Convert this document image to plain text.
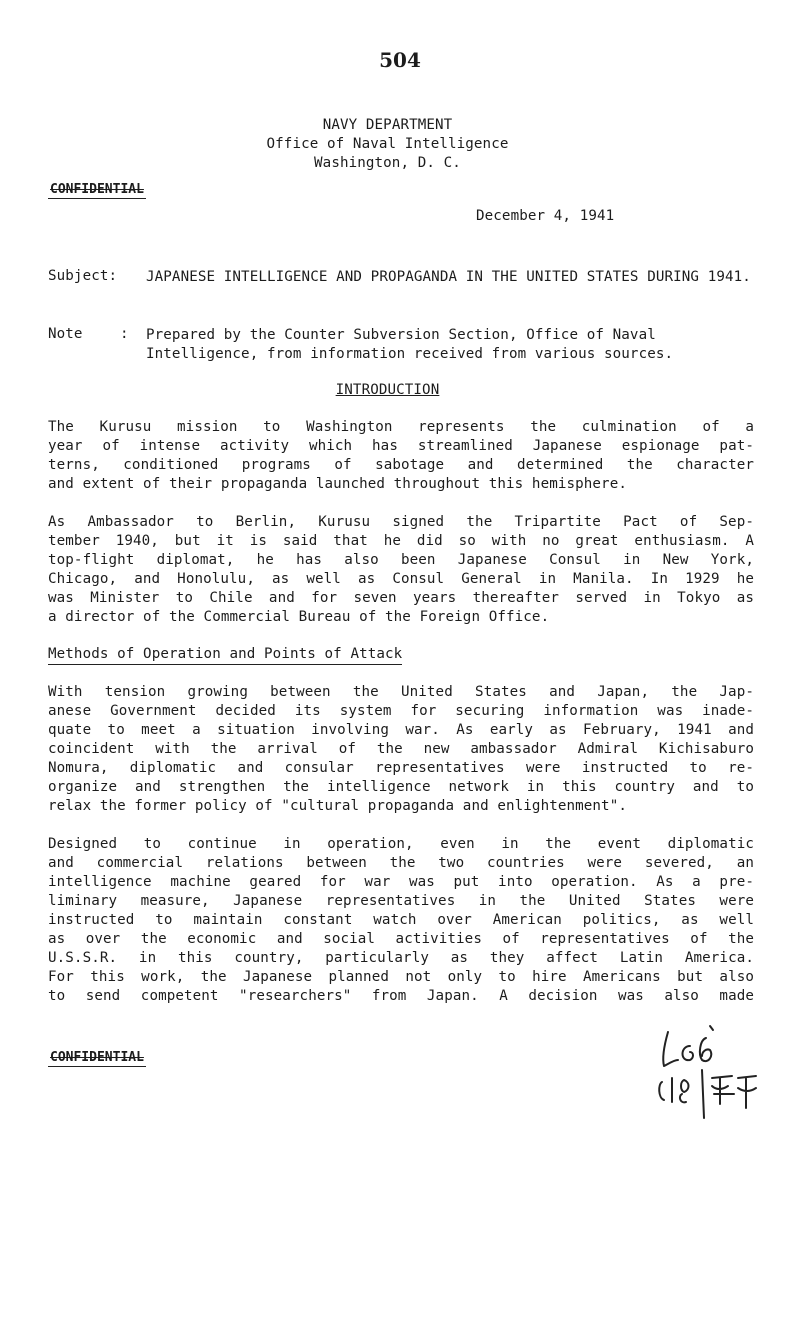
504
NAVY DEPARTMENT
Office of Naval Intelligence
Washington, D. C.
CONFIDENTIAL
December 4, 1941
Subject: JAPANESE INTELLIGENCE AND PROPAGANDA IN THE UNITED STATES DURING 1941.
Note	: Prepared by the Counter Subversion Section, Office of Naval Intelligence, from information received from various sources.
INTRODUCTION
The Kurusu mission to Washington represents the culmination of a
year of intense activity which has streamlined Japanese espionage pat-
terns, conditioned programs of sabotage and determined the character
and extent of their propaganda launched throughout this hemisphere.
As Ambassador to Berlin, Kurusu signed the Tripartite Pact of Sep-
tember 1940, but it is said that he did so with no great enthusiasm. A
top-flight diplomat, he has also been Japanese Consul in New York,
Chicago, and Honolulu, as well as Consul General in Manila. In 1929 he
was Minister to Chile and for seven years thereafter served in Tokyo as
a director of the Commercial Bureau of the Foreign Office.
Methods of Operation and Points of Attack
With tension growing between the United States and Japan, the Jap-
anese Government decided its system for securing information was inade-
quate to meet a situation involving war. As early as February, 1941 and
coincident with the arrival of the new ambassador Admiral Kichisaburo
Nomura, diplomatic and consular representatives were instructed to re-
organize and strengthen the intelligence network in this country and to
relax the former policy of "cultural propaganda and enlightenment".
Designed to continue in operation, even in the event diplomatic
and commercial relations between the two countries were severed, an
intelligence machine geared for war was put into operation. As a pre-
liminary measure, Japanese representatives in the United States were
instructed to maintain constant watch over American politics, as well
as over the economic and social activities of representatives of the
U.S.S.R. in this country, particularly as they affect Latin America.
For this work, the Japanese planned not only to hire Americans but also
to send competent "researchers" from Japan. A decision was also made
CONFIDENTIAL
